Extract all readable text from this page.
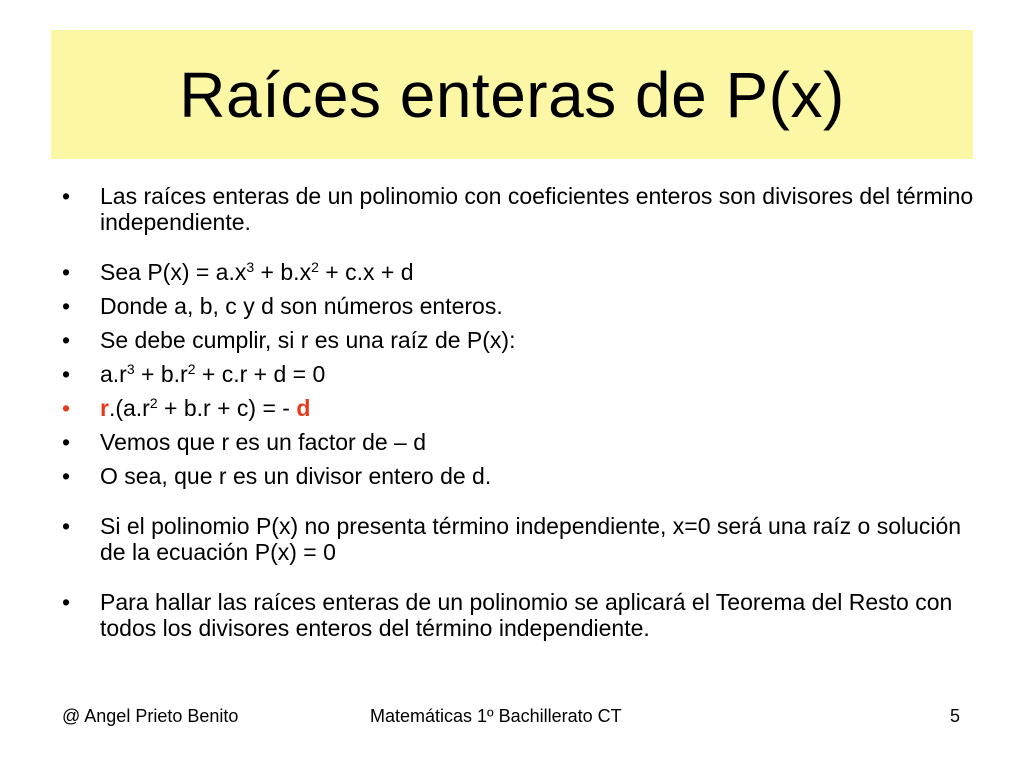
Raíces enteras de P(x)
•	Las raíces enteras de un polinomio con coeficientes enteros son divisores del término independiente.
•	Sea $P(x) = a.x^3 + b.x^2 + c.x + d$
•	Donde a, b, c y d son números enteros.
•	Se debe cumplir, si r es una raíz de P(x):
•	$a.r^3 + b.r^2 + c.r + d = 0$
•	$r.(a.r^2 + b.r + c)$ = - d
•	Vemos que r es un factor de – d
•	O sea, que r es un divisor entero de d.
•	Si el polinomio P(x) no presenta término independiente, x=0 será una raíz o solución de la ecuación P(x) = 0
•	Para hallar las raíces enteras de un polinomio se aplicará el Teorema del Resto con todos los divisores enteros del término independiente.
@ Angel Prieto Benito	Matemáticas 1º Bachillerato CT	5
